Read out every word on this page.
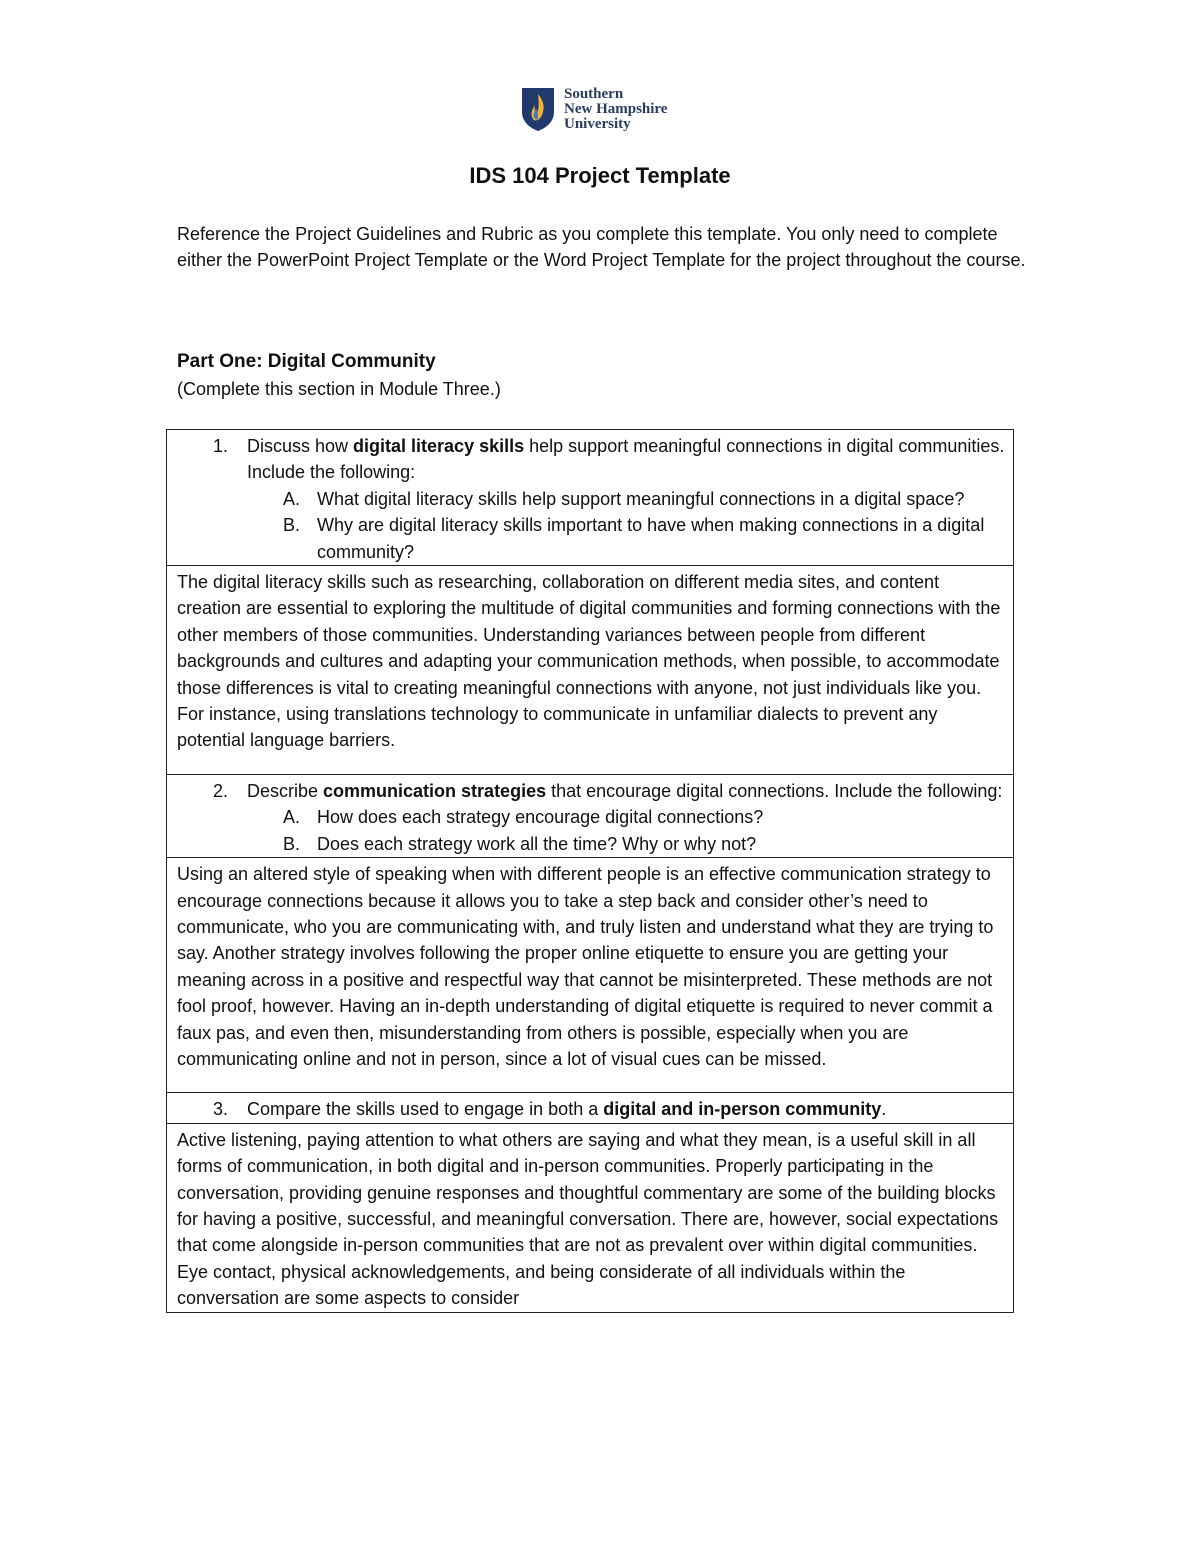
Southern
New Hampshire
University
IDS 104 Project Template

Reference the Project Guidelines and Rubric as you complete this template. You only need to complete either the PowerPoint Project Template or the Word Project Template for the project throughout the course.

Part One: Digital Community

(Complete this section in Module Three.)

1. Discuss how digital literacy skills help support meaningful connections in digital communities. Include the following:
A. What digital literacy skills help support meaningful connections in a digital space?
B. Why are digital literacy skills important to have when making connections in a digital community?

The digital literacy skills such as researching, collaboration on different media sites, and content creation are essential to exploring the multitude of digital communities and forming connections with the other members of those communities. Understanding variances between people from different backgrounds and cultures and adapting your communication methods, when possible, to accommodate those differences is vital to creating meaningful connections with anyone, not just individuals like you. For instance, using translations technology to communicate in unfamiliar dialects to prevent any potential language barriers.

2. Describe communication strategies that encourage digital connections. Include the following:
A. How does each strategy encourage digital connections?
B. Does each strategy work all the time? Why or why not?

Using an altered style of speaking when with different people is an effective communication strategy to encourage connections because it allows you to take a step back and consider other’s need to communicate, who you are communicating with, and truly listen and understand what they are trying to say. Another strategy involves following the proper online etiquette to ensure you are getting your meaning across in a positive and respectful way that cannot be misinterpreted. These methods are not fool proof, however. Having an in-depth understanding of digital etiquette is required to never commit a faux pas, and even then, misunderstanding from others is possible, especially when you are communicating online and not in person, since a lot of visual cues can be missed.

3. Compare the skills used to engage in both a digital and in-person community.

Active listening, paying attention to what others are saying and what they mean, is a useful skill in all forms of communication, in both digital and in-person communities. Properly participating in the conversation, providing genuine responses and thoughtful commentary are some of the building blocks for having a positive, successful, and meaningful conversation. There are, however, social expectations that come alongside in-person communities that are not as prevalent over within digital communities. Eye contact, physical acknowledgements, and being considerate of all individuals within the conversation are some aspects to consider
